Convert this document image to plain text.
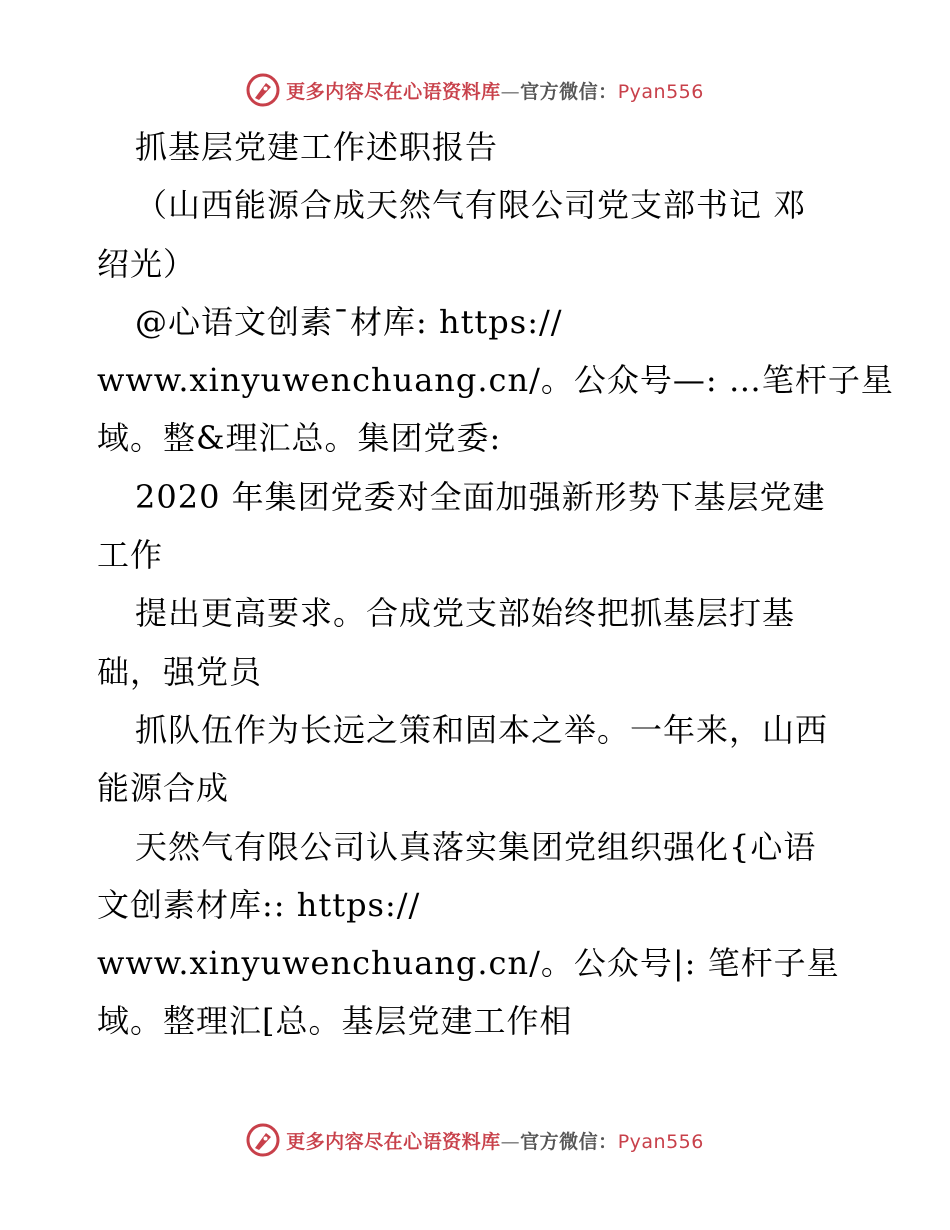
更多内容尽在心语资料库—官方微信：Pyan556
抓基层党建工作述职报告
（山西能源合成天然气有限公司党支部书记 邓
绍光）
@心语文创素¯材库: https://
www.xinyuwenchuang.cn/。公众号—: …笔杆子星
域。整&理汇总。集团党委:
2020 年集团党委对全面加强新形势下基层党建
工作
提出更高要求。合成党支部始终把抓基层打基
础，强党员
抓队伍作为长远之策和固本之举。一年来，山西
能源合成
天然气有限公司认真落实集团党组织强化{心语
文创素材库:: https://
www.xinyuwenchuang.cn/。公众号|: 笔杆子星
域。整理汇[总。基层党建工作相
更多内容尽在心语资料库—官方微信：Pyan556
